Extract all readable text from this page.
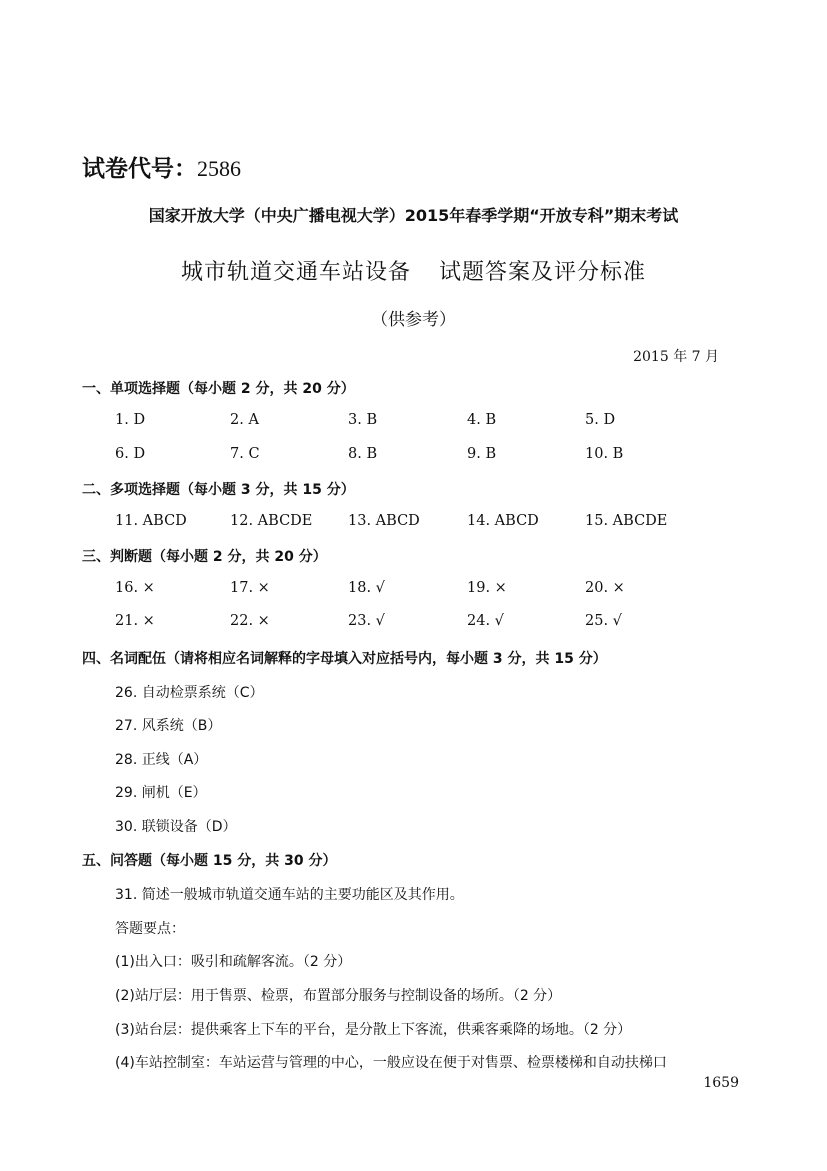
试卷代号：2586
国家开放大学（中央广播电视大学）2015年春季学期“开放专科”期末考试
城市轨道交通车站设备 试题答案及评分标准
（供参考）
2015 年 7 月
一、单项选择题（每小题 2 分，共 20 分）
1. D	2. A	3. B	4. B	5. D
6. D	7. C	8. B	9. B	10. B
二、多项选择题（每小题 3 分，共 15 分）
11. ABCD	12. ABCDE 13. ABCD	14. ABCD	15. ABCDE
三、判断题（每小题 2 分，共 20 分）
16. ×	17. ×	18. √	19. ×	20. ×
21. ×	22. ×	23. √	24. √	25. √
四、名词配伍（请将相应名词解释的字母填入对应括号内，每小题 3 分，共 15 分）
26. 自动检票系统（C）
27. 风系统（B）
28. 正线（A）
29. 闸机（E）
30. 联锁设备（D）
五、问答题（每小题 15 分，共 30 分）
31. 简述一般城市轨道交通车站的主要功能区及其作用。
答题要点：
(1)出入口：吸引和疏解客流。（2 分）
(2)站厅层：用于售票、检票，布置部分服务与控制设备的场所。（2 分）
(3)站台层：提供乘客上下车的平台，是分散上下客流，供乘客乘降的场地。（2 分）
(4)车站控制室：车站运营与管理的中心，一般应设在便于对售票、检票楼梯和自动扶梯口
1659
